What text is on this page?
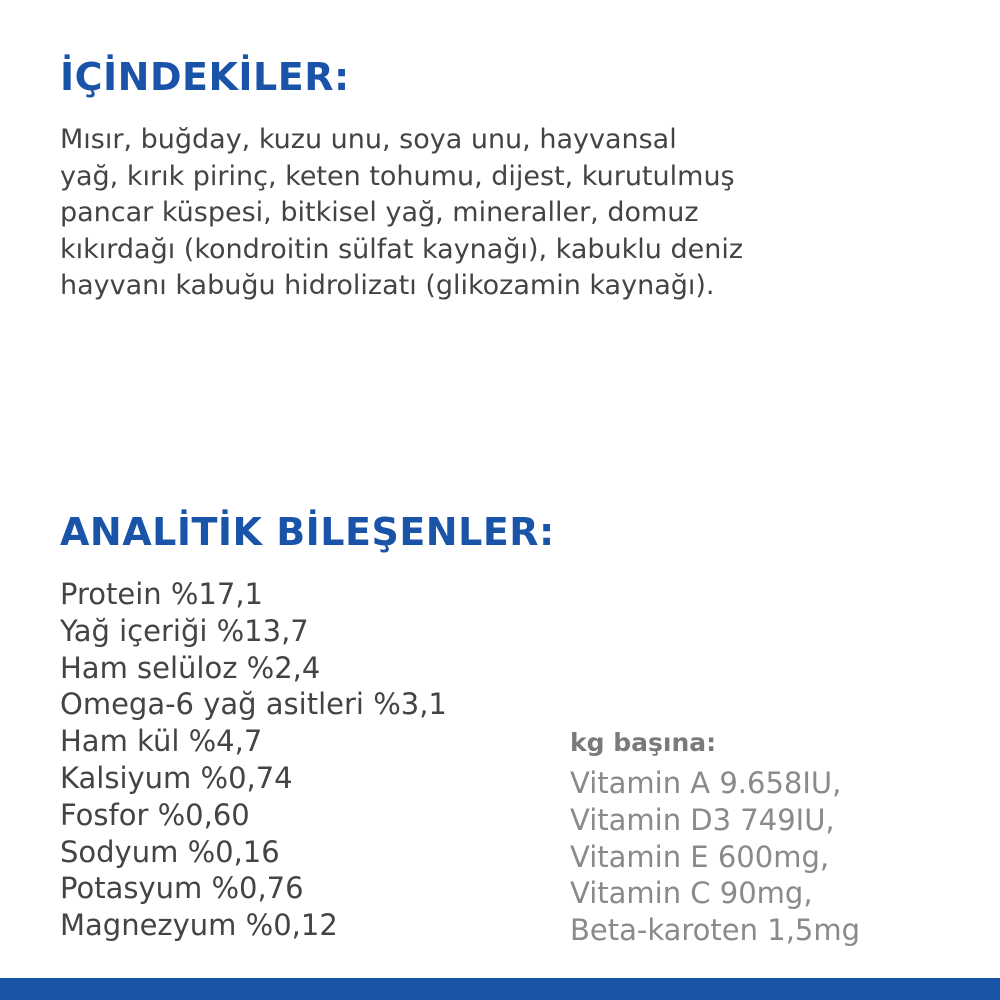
İÇİNDEKİLER:

Mısır, buğday, kuzu unu, soya unu, hayvansal
yağ, kırık pirinç, keten tohumu, dijest, kurutulmuş
pancar küspesi, bitkisel yağ, mineraller, domuz
kıkırdağı (kondroitin sülfat kaynağı), kabuklu deniz
hayvanı kabuğu hidrolizatı (glikozamin kaynağı).

ANALİTİK BİLEŞENLER:
Protein %17,1
Yağ içeriği %13,7
Ham selüloz %2,4
Omega-6 yağ asitleri %3,1
Ham kül %4,7
Kalsiyum %0,74
Fosfor %0,60
Sodyum %0,16
Potasyum %0,76
Magnezyum %0,12

kg başına:

Vitamin A 9.658IU,
Vitamin D3 749IU,
Vitamin E 600mg,
Vitamin C 90mg,
Beta-karoten 1,5mg
